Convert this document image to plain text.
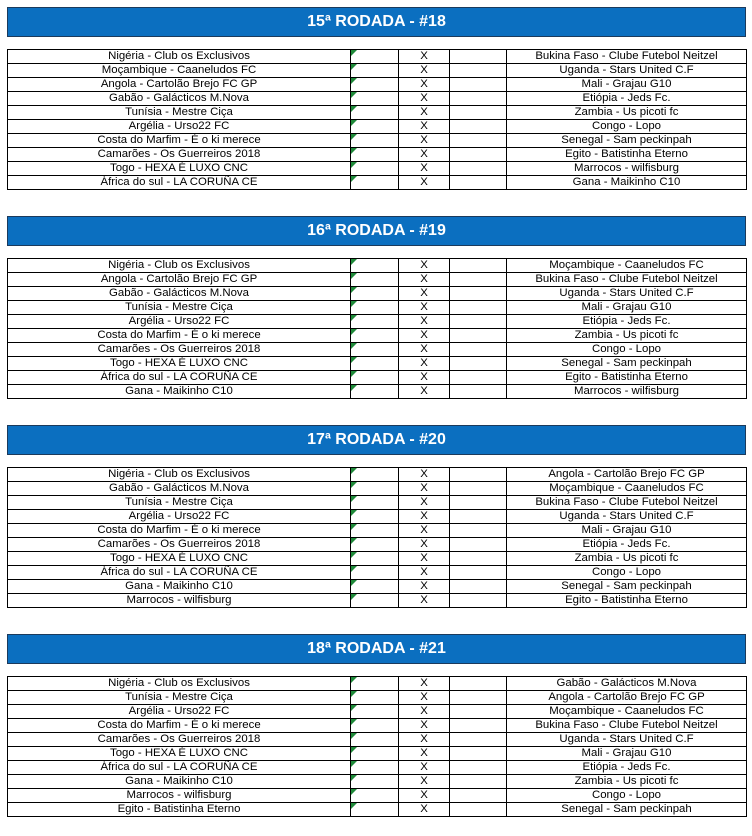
15ª RODADA - #18
Nigéria - Club os Exclusivos		X		Bukina Faso - Clube Futebol Neitzel
Moçambique - Caaneludos FC		X		Uganda - Stars United C.F
Angola - Cartolão Brejo FC GP		X		Mali - Grajau G10
Gabão - Galácticos M.Nova		X		Etiópia - Jeds Fc.
Tunísia - Mestre Ciça		X		Zambia - Us picoti fc
Argélia - Urso22 FC		X		Congo - Lopo
Costa do Marfim - É o ki merece		X		Senegal - Sam peckinpah
Camarões - Os Guerreiros 2018		X		Egito - Batistinha Eterno
Togo - HEXA É LUXO CNC		X		Marrocos - wilfisburg
África do sul - LA CORUÑA CE		X		Gana - Maikinho C10
16ª RODADA - #19
Nigéria - Club os Exclusivos		X		Moçambique - Caaneludos FC
Angola - Cartolão Brejo FC GP		X		Bukina Faso - Clube Futebol Neitzel
Gabão - Galácticos M.Nova		X		Uganda - Stars United C.F
Tunísia - Mestre Ciça		X		Mali - Grajau G10
Argélia - Urso22 FC		X		Etiópia - Jeds Fc.
Costa do Marfim - É o ki merece		X		Zambia - Us picoti fc
Camarões - Os Guerreiros 2018		X		Congo - Lopo
Togo - HEXA É LUXO CNC		X		Senegal - Sam peckinpah
África do sul - LA CORUÑA CE		X		Egito - Batistinha Eterno
Gana - Maikinho C10		X		Marrocos - wilfisburg
17ª RODADA - #20
Nigéria - Club os Exclusivos		X		Angola - Cartolão Brejo FC GP
Gabão - Galácticos M.Nova		X		Moçambique - Caaneludos FC
Tunísia - Mestre Ciça		X		Bukina Faso - Clube Futebol Neitzel
Argélia - Urso22 FC		X		Uganda - Stars United C.F
Costa do Marfim - É o ki merece		X		Mali - Grajau G10
Camarões - Os Guerreiros 2018		X		Etiópia - Jeds Fc.
Togo - HEXA É LUXO CNC		X		Zambia - Us picoti fc
África do sul - LA CORUÑA CE		X		Congo - Lopo
Gana - Maikinho C10		X		Senegal - Sam peckinpah
Marrocos - wilfisburg		X		Egito - Batistinha Eterno
18ª RODADA - #21
Nigéria - Club os Exclusivos		X		Gabão - Galácticos M.Nova
Tunísia - Mestre Ciça		X		Angola - Cartolão Brejo FC GP
Argélia - Urso22 FC		X		Moçambique - Caaneludos FC
Costa do Marfim - É o ki merece		X		Bukina Faso - Clube Futebol Neitzel
Camarões - Os Guerreiros 2018		X		Uganda - Stars United C.F
Togo - HEXA É LUXO CNC		X		Mali - Grajau G10
África do sul - LA CORUÑA CE		X		Etiópia - Jeds Fc.
Gana - Maikinho C10		X		Zambia - Us picoti fc
Marrocos - wilfisburg		X		Congo - Lopo
Egito - Batistinha Eterno		X		Senegal - Sam peckinpah
